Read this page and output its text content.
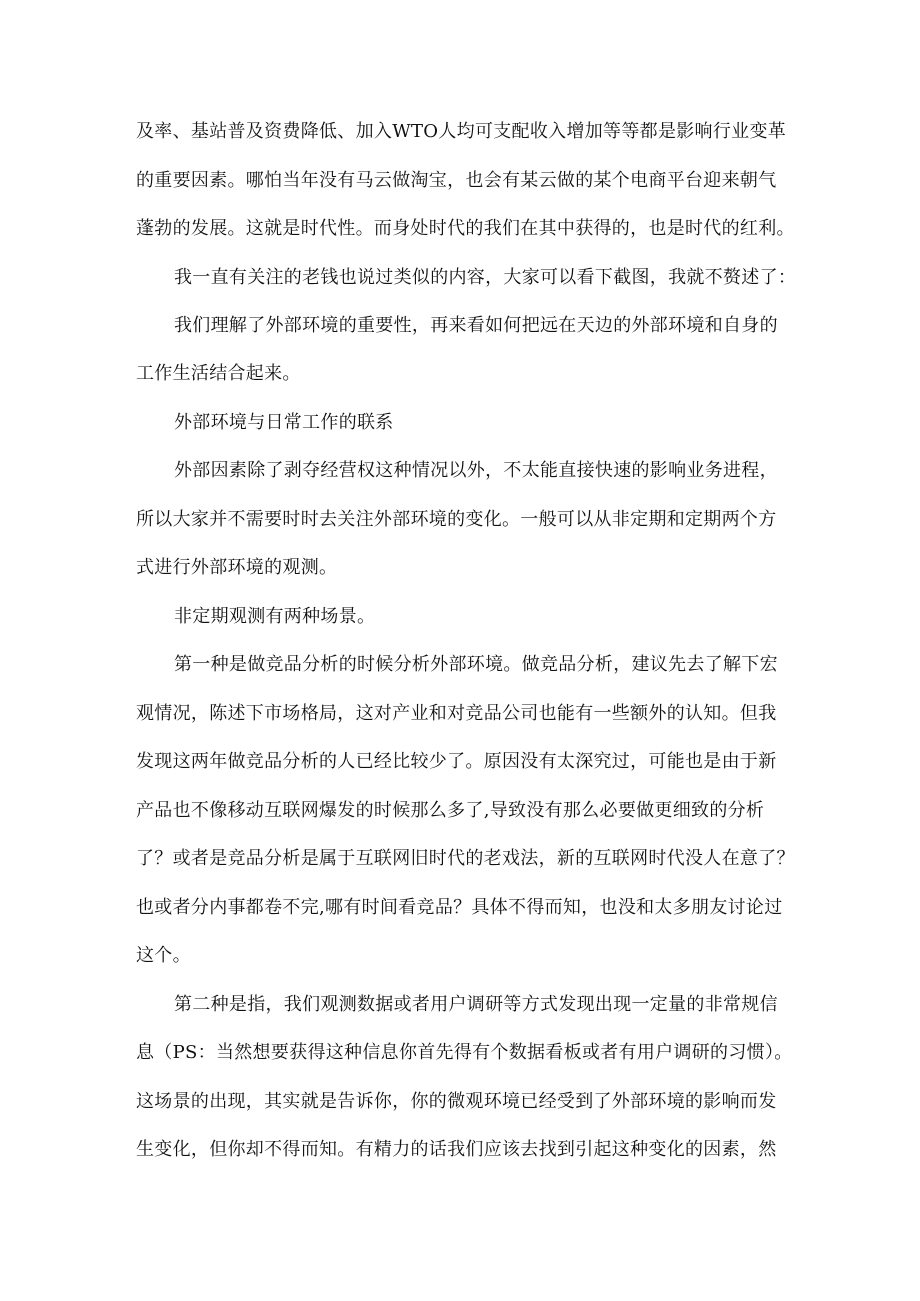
及率、基站普及资费降低、加入WTO人均可支配收入增加等等都是影响行业变革
的重要因素。哪怕当年没有马云做淘宝，也会有某云做的某个电商平台迎来朝气
蓬勃的发展。这就是时代性。而身处时代的我们在其中获得的，也是时代的红利。
我一直有关注的老钱也说过类似的内容，大家可以看下截图，我就不赘述了：
我们理解了外部环境的重要性，再来看如何把远在天边的外部环境和自身的
工作生活结合起来。
外部环境与日常工作的联系
外部因素除了剥夺经营权这种情况以外，不太能直接快速的影响业务进程，
所以大家并不需要时时去关注外部环境的变化。一般可以从非定期和定期两个方
式进行外部环境的观测。
非定期观测有两种场景。
第一种是做竞品分析的时候分析外部环境。做竞品分析，建议先去了解下宏
观情况，陈述下市场格局，这对产业和对竞品公司也能有一些额外的认知。但我
发现这两年做竞品分析的人已经比较少了。原因没有太深究过，可能也是由于新
产品也不像移动互联网爆发的时候那么多了,导致没有那么必要做更细致的分析
了？或者是竞品分析是属于互联网旧时代的老戏法，新的互联网时代没人在意了？
也或者分内事都卷不完,哪有时间看竞品？具体不得而知，也没和太多朋友讨论过
这个。
第二种是指，我们观测数据或者用户调研等方式发现出现一定量的非常规信
息（PS：当然想要获得这种信息你首先得有个数据看板或者有用户调研的习惯）。
这场景的出现，其实就是告诉你，你的微观环境已经受到了外部环境的影响而发
生变化，但你却不得而知。有精力的话我们应该去找到引起这种变化的因素，然
